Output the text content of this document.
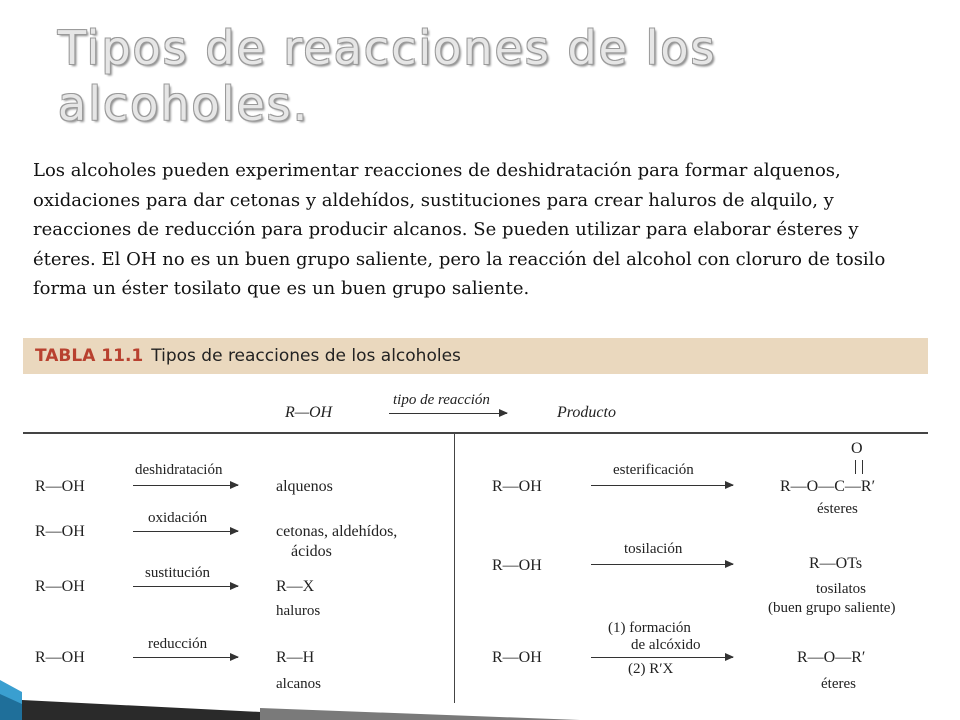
Tipos de reacciones de los
alcoholes.
Los alcoholes pueden experimentar reacciones de deshidratación para formar alquenos, oxidaciones para dar cetonas y aldehídos, sustituciones para crear haluros de alquilo, y reacciones de reducción para producir alcanos. Se pueden utilizar para elaborar ésteres y éteres. El OH no es un buen grupo saliente, pero la reacción del alcohol con cloruro de tosilo forma un éster tosilato que es un buen grupo saliente.
TABLA 11.1 Tipos de reacciones de los alcoholes
R—OH
tipo de reacción
Producto
R—OH
deshidratación
alquenos
R—OH
oxidación
cetonas, aldehídos,
ácidos
R—OH
sustitución
R—X
haluros
R—OH
reducción
R—H
alcanos
R—OH
esterificación
O
R—O—C—R′
ésteres
R—OH
tosilación
R—OTs
tosilatos
(buen grupo saliente)
R—OH
(1) formación
de alcóxido
(2) R′X
R—O—R′
éteres
